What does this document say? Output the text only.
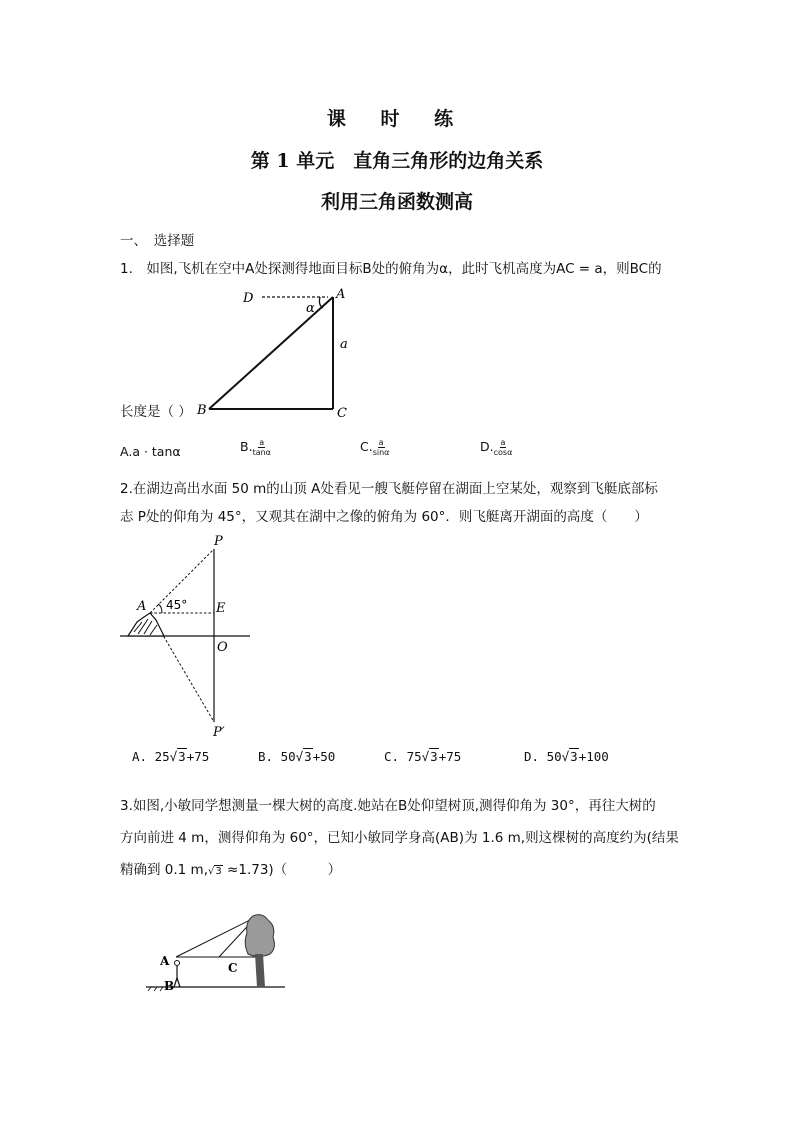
课 时 练
第 1 单元　直角三角形的边角关系
利用三角函数测高
一、　选择题
1.　如图,飞机在空中A处探测得地面目标B处的俯角为α，此时飞机高度为AC = a，则BC的
D	A
α
a
B	C
P
A 45° E
O
P′
A	C
B
长度是（ ）
A.a · tanα	B. $\frac{a}{\tan\alpha}$	C. $\frac{a}{\sin\alpha}$	D. $\frac{a}{\cos\alpha}$
2.在湖边高出水面 50 m的山顶 A处看见一艘飞艇停留在湖面上空某处，观察到飞艇底部标
志 P处的仰角为 45°，又观其在湖中之像的俯角为 60°．则飞艇离开湖面的高度（　　）
A. 25√3+75	B. 50√3+50	C. 75√3+75	D. 50√3+100
3.如图,小敏同学想测量一棵大树的高度.她站在B处仰望树顶,测得仰角为 30°，再往大树的
方向前进 4 m，测得仰角为 60°，已知小敏同学身高(AB)为 1.6 m,则这棵树的高度约为(结果
精确到 0.1 m,√3 ≈1.73)（　　　）
